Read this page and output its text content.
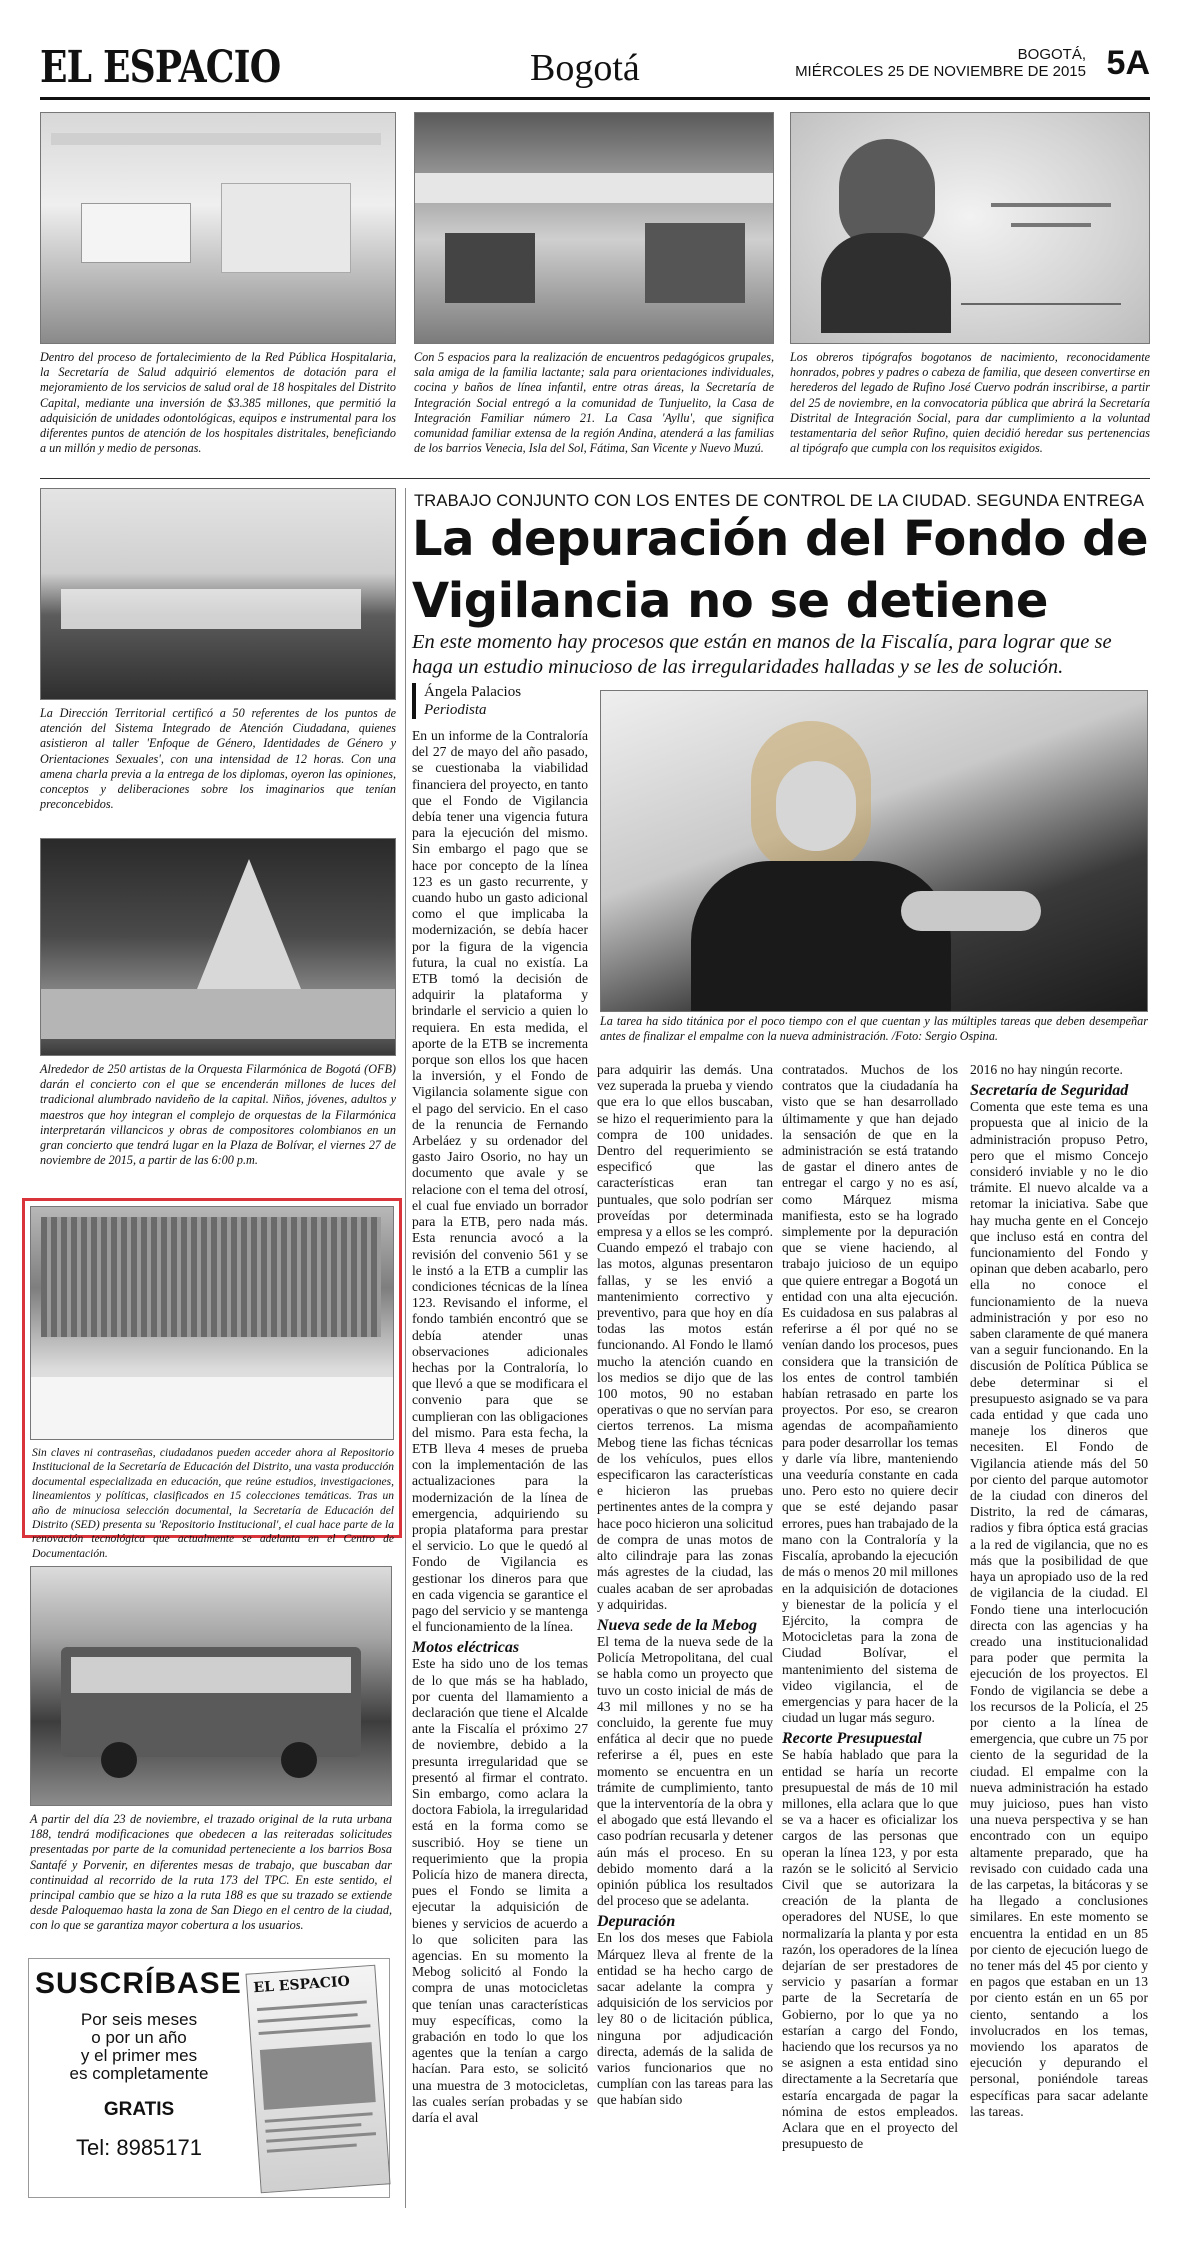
EL ESPACIO	Bogotá	BOGOTÁ,
MIÉRCOLES 25 DE NOVIEMBRE DE 2015 5A
Dentro del proceso de fortalecimiento de la Red Pública Hospitalaria, la Secretaría de Salud adquirió elementos de dotación para el mejoramiento de los servicios de salud oral de 18 hospitales del Distrito Capital, mediante una inversión de $3.385 millones, que permitió la adquisición de unidades odontológicas, equipos e instrumental para los diferentes puntos de atención de los hospitales distritales, beneficiando a un millón y medio de personas.
Con 5 espacios para la realización de encuentros pedagógicos grupales, sala amiga de la familia lactante; sala para orientaciones individuales, cocina y baños de línea infantil, entre otras áreas, la Secretaría de Integración Social entregó a la comunidad de Tunjuelito, la Casa de Integración Familiar número 21. La Casa 'Ayllu', que significa comunidad familiar extensa de la región Andina, atenderá a las familias de los barrios Venecia, Isla del Sol, Fátima, San Vicente y Nuevo Muzú.
Los obreros tipógrafos bogotanos de nacimiento, reconocidamente honrados, pobres y padres o cabeza de familia, que deseen convertirse en herederos del legado de Rufino José Cuervo podrán inscribirse, a partir del 25 de noviembre, en la convocatoria pública que abrirá la Secretaría Distrital de Integración Social, para dar cumplimiento a la voluntad testamentaria del señor Rufino, quien decidió heredar sus pertenencias al tipógrafo que cumpla con los requisitos exigidos.
La Dirección Territorial certificó a 50 referentes de los puntos de atención del Sistema Integrado de Atención Ciudadana, quienes asistieron al taller 'Enfoque de Género, Identidades de Género y Orientaciones Sexuales', con una intensidad de 12 horas. Con una amena charla previa a la entrega de los diplomas, oyeron las opiniones, conceptos y deliberaciones sobre los imaginarios que tenían preconcebidos.
Alrededor de 250 artistas de la Orquesta Filarmónica de Bogotá (OFB) darán el concierto con el que se encenderán millones de luces del tradicional alumbrado navideño de la capital. Niños, jóvenes, adultos y maestros que hoy integran el complejo de orquestas de la Filarmónica interpretarán villancicos y obras de compositores colombianos en un gran concierto que tendrá lugar en la Plaza de Bolívar, el viernes 27 de noviembre de 2015, a partir de las 6:00 p.m.
Sin claves ni contraseñas, ciudadanos pueden acceder ahora al Repositorio Institucional de la Secretaría de Educación del Distrito, una vasta producción documental especializada en educación, que reúne estudios, investigaciones, lineamientos y políticas, clasificados en 15 colecciones temáticas. Tras un año de minuciosa selección documental, la Secretaría de Educación del Distrito (SED) presenta su 'Repositorio Institucional', el cual hace parte de la renovación tecnológica que actualmente se adelanta en el Centro de Documentación.
A partir del día 23 de noviembre, el trazado original de la ruta urbana 188, tendrá modificaciones que obedecen a las reiteradas solicitudes presentadas por parte de la comunidad perteneciente a los barrios Bosa Santafé y Porvenir, en diferentes mesas de trabajo, que buscaban dar continuidad al recorrido de la ruta 173 del TPC. En este sentido, el principal cambio que se hizo a la ruta 188 es que su trazado se extiende desde Paloquemao hasta la zona de San Diego en el centro de la ciudad, con lo que se garantiza mayor cobertura a los usuarios.
SUSCRÍBASE
Por seis meses
o por un año
y el primer mes
es completamente
GRATIS
Tel: 8985171
EL ESPACIO
TRABAJO CONJUNTO CON LOS ENTES DE CONTROL DE LA CIUDAD. SEGUNDA ENTREGA
La depuración del Fondo de
Vigilancia no se detiene
En este momento hay procesos que están en manos de la Fiscalía, para lograr que se haga un estudio minucioso de las irregularidades halladas y se les de solución.
Ángela Palacios
Periodista
La tarea ha sido titánica por el poco tiempo con el que cuentan y las múltiples tareas que deben desempeñar antes de finalizar el empalme con la nueva administración. /Foto: Sergio Ospina.

En un informe de la Contraloría del 27 de mayo del año pasado, se cuestionaba la viabilidad financiera del proyecto, en tanto que el Fondo de Vigilancia debía tener una vigencia futura para la ejecución del mismo. Sin embargo el pago que se hace por concepto de la línea 123 es un gasto recurrente, y cuando hubo un gasto adicional como el que implicaba la modernización, se debía hacer por la figura de la vigencia futura, la cual no existía. La ETB tomó la decisión de adquirir la plataforma y brindarle el servicio a quien lo requiera. En esta medida, el aporte de la ETB se incrementa porque son ellos los que hacen la inversión, y el Fondo de Vigilancia solamente sigue con el pago del servicio. En el caso de la renuncia de Fernando Arbeláez y su ordenador del gasto Jairo Osorio, no hay un documento que avale y se relacione con el tema del otrosí, el cual fue enviado un borrador para la ETB, pero nada más. Esta renuncia avocó a la revisión del convenio 561 y se le instó a la ETB a cumplir las condiciones técnicas de la línea 123. Revisando el informe, el fondo también encontró que se debía atender unas observaciones adicionales hechas por la Contraloría, lo que llevó a que se modificara el convenio para que se cumplieran con las obligaciones del mismo. Para esta fecha, la ETB lleva 4 meses de prueba con la implementación de las actualizaciones para la modernización de la línea de emergencia, adquiriendo su propia plataforma para prestar el servicio. Lo que le quedó al Fondo de Vigilancia es gestionar los dineros para que en cada vigencia se garantice el pago del servicio y se mantenga el funcionamiento de la línea.

Motos eléctricas

Este ha sido uno de los temas de lo que más se ha hablado, por cuenta del llamamiento a declaración que tiene el Alcalde ante la Fiscalía el próximo 27 de noviembre, debido a la presunta irregularidad que se presentó al firmar el contrato. Sin embargo, como aclara la doctora Fabiola, la irregularidad está en la forma como se suscribió. Hoy se tiene un requerimiento que la propia Policía hizo de manera directa, pues el Fondo se limita a ejecutar la adquisición de bienes y servicios de acuerdo a lo que soliciten para las agencias. En su momento la Mebog solicitó al Fondo la compra de unas motocicletas que tenían unas características muy específicas, como la grabación en todo lo que los agentes que la tenían a cargo hacían. Para esto, se solicitó una muestra de 3 motocicletas, las cuales serían probadas y se daría el aval

para adquirir las demás. Una vez superada la prueba y viendo que era lo que ellos buscaban, se hizo el requerimiento para la compra de 100 unidades. Dentro del requerimiento se especificó que las características eran tan puntuales, que solo podrían ser proveídas por determinada empresa y a ellos se les compró. Cuando empezó el trabajo con las motos, algunas presentaron fallas, y se les envió a mantenimiento correctivo y preventivo, para que hoy en día todas las motos están funcionando. Al Fondo le llamó mucho la atención cuando en los medios se dijo que de las 100 motos, 90 no estaban operativas o que no servían para ciertos terrenos. La misma Mebog tiene las fichas técnicas de los vehículos, pues ellos especificaron las características e hicieron las pruebas pertinentes antes de la compra y hace poco hicieron una solicitud de compra de unas motos de alto cilindraje para las zonas más agrestes de la ciudad, las cuales acaban de ser aprobadas y adquiridas.

Nueva sede de la Mebog

El tema de la nueva sede de la Policía Metropolitana, del cual se habla como un proyecto que tuvo un costo inicial de más de 43 mil millones y no se ha concluido, la gerente fue muy enfática al decir que no puede referirse a él, pues en este momento se encuentra en un trámite de cumplimiento, tanto que la interventoría de la obra y el abogado que está llevando el caso podrían recusarla y detener aún más el proceso. En su debido momento dará a la opinión pública los resultados del proceso que se adelanta.

Depuración

En los dos meses que Fabiola Márquez lleva al frente de la entidad se ha hecho cargo de sacar adelante la compra y adquisición de los servicios por ley 80 o de licitación pública, ninguna por adjudicación directa, además de la salida de varios funcionarios que no cumplían con las tareas para las que habían sido

contratados. Muchos de los contratos que la ciudadanía ha visto que se han desarrollado últimamente y que han dejado la sensación de que en la administración se está tratando de gastar el dinero antes de entregar el cargo y no es así, como Márquez misma manifiesta, esto se ha logrado simplemente por la depuración que se viene haciendo, al trabajo juicioso de un equipo que quiere entregar a Bogotá un entidad con una alta ejecución. Es cuidadosa en sus palabras al referirse a él por qué no se venían dando los procesos, pues considera que la transición de los entes de control también habían retrasado en parte los proyectos. Por eso, se crearon agendas de acompañamiento para poder desarrollar los temas y darle vía libre, manteniendo una veeduría constante en cada uno. Pero esto no quiere decir que se esté dejando pasar errores, pues han trabajado de la mano con la Contraloría y la Fiscalía, aprobando la ejecución de más o menos 20 mil millones en la adquisición de dotaciones y bienestar de la policía y el Ejército, la compra de Motocicletas para la zona de Ciudad Bolívar, el mantenimiento del sistema de video vigilancia, el de emergencias y para hacer de la ciudad un lugar más seguro.

Recorte Presupuestal

Se había hablado que para la entidad se haría un recorte presupuestal de más de 10 mil millones, ella aclara que lo que se va a hacer es oficializar los cargos de las personas que operan la línea 123, y por esta razón se le solicitó al Servicio Civil que se autorizara la creación de la planta de operadores del NUSE, lo que normalizaría la planta y por esta razón, los operadores de la línea dejarían de ser prestadores de servicio y pasarían a formar parte de la Secretaría de Gobierno, por lo que ya no estarían a cargo del Fondo, haciendo que los recursos ya no se asignen a esta entidad sino directamente a la Secretaría que estaría encargada de pagar la nómina de estos empleados. Aclara que en el proyecto del presupuesto de

2016 no hay ningún recorte.

Secretaría de Seguridad

Comenta que este tema es una propuesta que al inicio de la administración propuso Petro, pero que el mismo Concejo consideró inviable y no le dio trámite. El nuevo alcalde va a retomar la iniciativa. Sabe que hay mucha gente en el Concejo que incluso está en contra del funcionamiento del Fondo y opinan que deben acabarlo, pero ella no conoce el funcionamiento de la nueva administración y por eso no saben claramente de qué manera van a seguir funcionando. En la discusión de Política Pública se debe determinar si el presupuesto asignado se va para cada entidad y que cada uno maneje los dineros que necesiten. El Fondo de Vigilancia atiende más del 50 por ciento del parque automotor de la ciudad con dineros del Distrito, la red de cámaras, radios y fibra óptica está gracias a la red de vigilancia, que no es más que la posibilidad de que haya un apropiado uso de la red de vigilancia de la ciudad. El Fondo tiene una interlocución directa con las agencias y ha creado una institucionalidad para poder que permita la ejecución de los proyectos. El Fondo de vigilancia se debe a los recursos de la Policía, el 25 por ciento a la línea de emergencia, que cubre un 75 por ciento de la seguridad de la ciudad. El empalme con la nueva administración ha estado muy juicioso, pues han visto una nueva perspectiva y se han encontrado con un equipo altamente preparado, que ha revisado con cuidado cada una de las carpetas, la bitácoras y se ha llegado a conclusiones similares. En este momento se encuentra la entidad en un 85 por ciento de ejecución luego de no tener más del 45 por ciento y en pagos que estaban en un 13 por ciento están en un 65 por ciento, sentando a los involucrados en los temas, moviendo los aparatos de ejecución y depurando el personal, poniéndole tareas específicas para sacar adelante las tareas.
